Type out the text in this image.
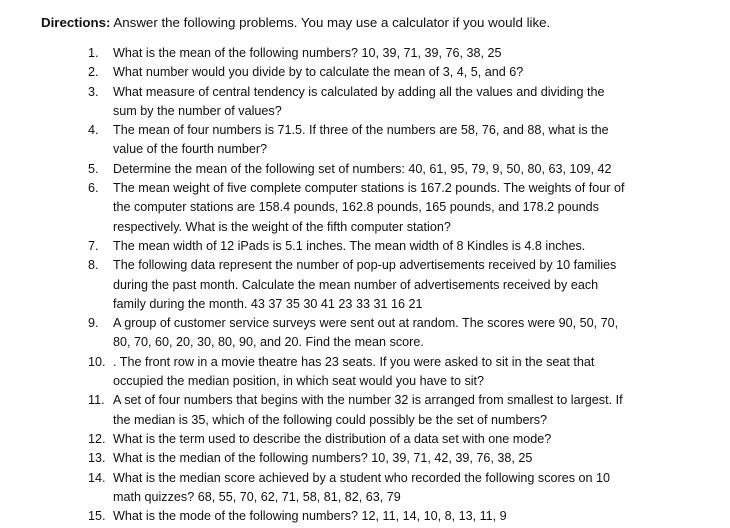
Directions: Answer the following problems. You may use a calculator if you would like.
1. What is the mean of the following numbers? 10, 39, 71, 39, 76, 38, 25
2. What number would you divide by to calculate the mean of 3, 4, 5, and 6?
3. What measure of central tendency is calculated by adding all the values and dividing the
sum by the number of values?
4. The mean of four numbers is 71.5. If three of the numbers are 58, 76, and 88, what is the
value of the fourth number?
5. Determine the mean of the following set of numbers: 40, 61, 95, 79, 9, 50, 80, 63, 109, 42
6. The mean weight of five complete computer stations is 167.2 pounds. The weights of four of
the computer stations are 158.4 pounds, 162.8 pounds, 165 pounds, and 178.2 pounds
respectively. What is the weight of the fifth computer station?
7. The mean width of 12 iPads is 5.1 inches. The mean width of 8 Kindles is 4.8 inches.
8. The following data represent the number of pop-up advertisements received by 10 families
during the past month. Calculate the mean number of advertisements received by each
family during the month. 43 37 35 30 41 23 33 31 16 21
9. A group of customer service surveys were sent out at random. The scores were 90, 50, 70,
80, 70, 60, 20, 30, 80, 90, and 20. Find the mean score.
10. . The front row in a movie theatre has 23 seats. If you were asked to sit in the seat that
occupied the median position, in which seat would you have to sit?
11. A set of four numbers that begins with the number 32 is arranged from smallest to largest. If
the median is 35, which of the following could possibly be the set of numbers?
12. What is the term used to describe the distribution of a data set with one mode?
13. What is the median of the following numbers? 10, 39, 71, 42, 39, 76, 38, 25
14. What is the median score achieved by a student who recorded the following scores on 10
math quizzes? 68, 55, 70, 62, 71, 58, 81, 82, 63, 79
15. What is the mode of the following numbers? 12, 11, 14, 10, 8, 13, 11, 9
